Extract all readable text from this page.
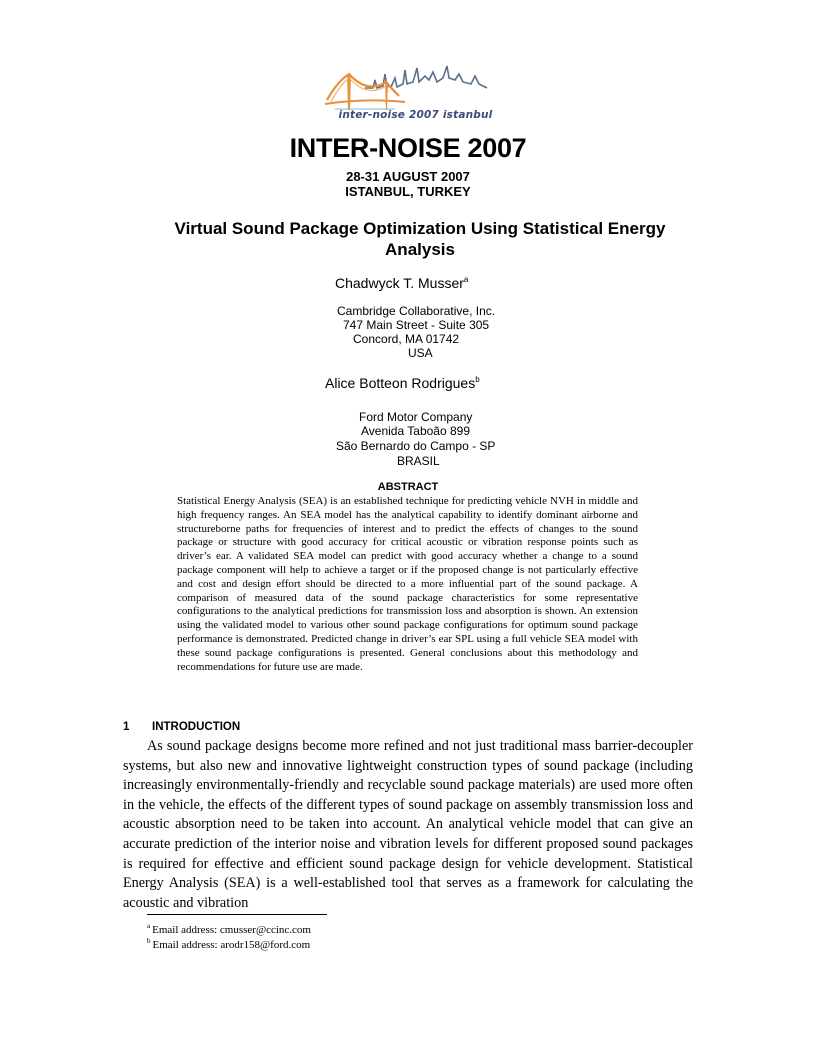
inter-noise 2007 istanbul
INTER-NOISE 2007
28-31 AUGUST 2007
ISTANBUL, TURKEY
Virtual Sound Package Optimization Using Statistical Energy Analysis
Chadwyck T. Musser$^a$
Cambridge Collaborative, Inc.
747 Main Street - Suite 305
Concord, MA 01742
USA
Alice Botteon Rodrigues$^b$
Ford Motor Company
Avenida Taboão 899
São Bernardo do Campo - SP
BRASIL
ABSTRACT
Statistical Energy Analysis (SEA) is an established technique for predicting vehicle NVH in middle and high frequency ranges. An SEA model has the analytical capability to identify dominant airborne and structureborne paths for frequencies of interest and to predict the effects of changes to the sound package or structure with good accuracy for critical acoustic or vibration response points such as driver’s ear. A validated SEA model can predict with good accuracy whether a change to a sound package component will help to achieve a target or if the proposed change is not particularly effective and cost and design effort should be directed to a more influential part of the sound package. A comparison of measured data of the sound package characteristics for some representative configurations to the analytical predictions for transmission loss and absorption is shown. An extension using the validated model to various other sound package configurations for optimum sound package performance is demonstrated. Predicted change in driver’s ear SPL using a full vehicle SEA model with these sound package configurations is presented. General conclusions about this methodology and recommendations for future use are made.
1 INTRODUCTION
As sound package designs become more refined and not just traditional mass barrier-decoupler systems, but also new and innovative lightweight construction types of sound package (including increasingly environmentally-friendly and recyclable sound package materials) are used more often in the vehicle, the effects of the different types of sound package on assembly transmission loss and acoustic absorption need to be taken into account. An analytical vehicle model that can give an accurate prediction of the interior noise and vibration levels for different proposed sound packages is required for effective and efficient sound package design for vehicle development. Statistical Energy Analysis (SEA) is a well-established tool that serves as a framework for calculating the acoustic and vibration
$^a$ Email address: cmusser@ccinc.com
$^b$ Email address: arodr158@ford.com
